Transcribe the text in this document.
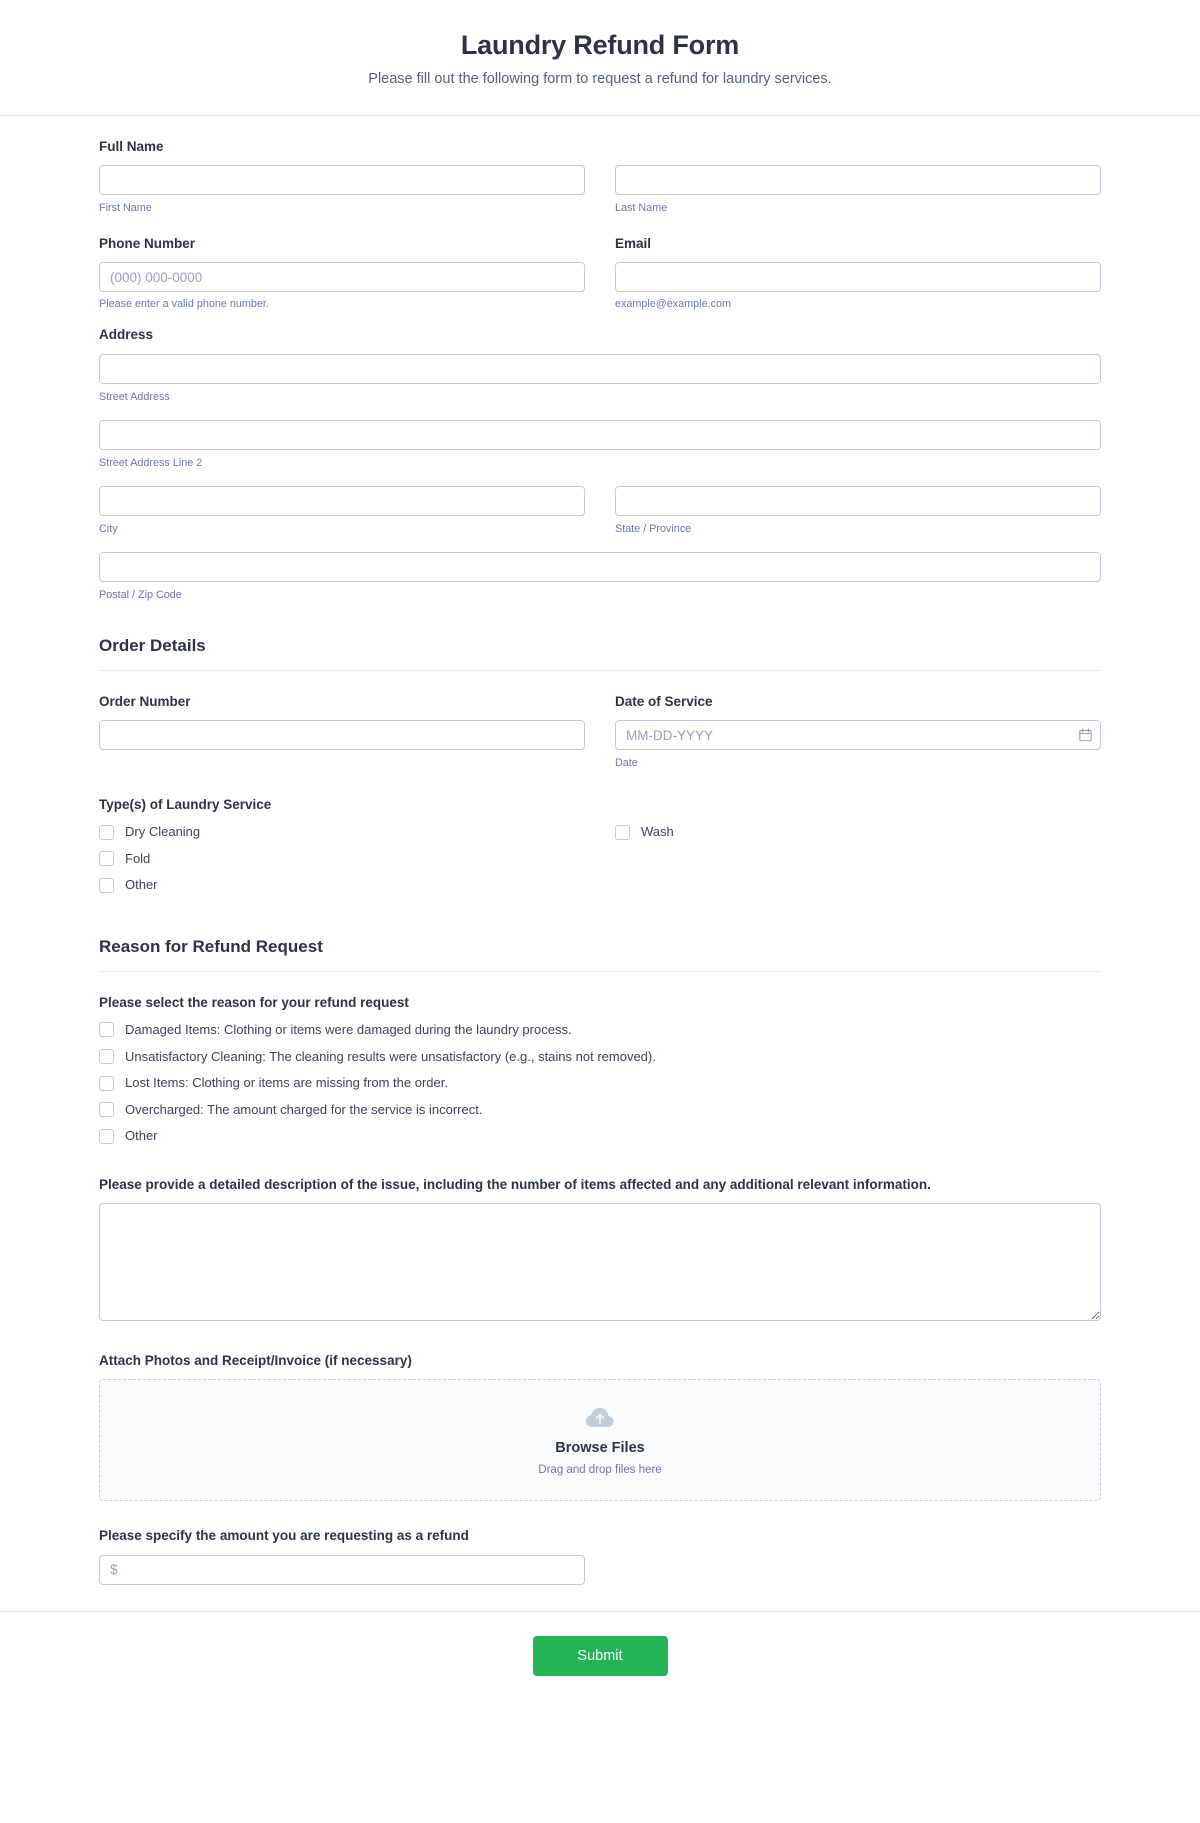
Laundry Refund Form

Please fill out the following form to request a refund for laundry services.

Full Name
First Name	Last Name
Phone Number
(000) 000-0000
Please enter a valid phone number.
Email
example@example.com
Address
Street Address
Street Address Line 2
City	State / Province
Postal / Zip Code
Order Details
Order Number	Date of Service
MM-DD-YYYY
Date
Type(s) of Laundry Service
Dry Cleaning
Fold
Other
Wash
Reason for Refund Request
Please select the reason for your refund request
Damaged Items: Clothing or items were damaged during the laundry process.
Unsatisfactory Cleaning: The cleaning results were unsatisfactory (e.g., stains not removed).
Lost Items: Clothing or items are missing from the order.
Overcharged: The amount charged for the service is incorrect.
Other
Please provide a detailed description of the issue, including the number of items affected and any additional relevant information.
Attach Photos and Receipt/Invoice (if necessary)
Browse Files
Drag and drop files here
Please specify the amount you are requesting as a refund
$
Submit
